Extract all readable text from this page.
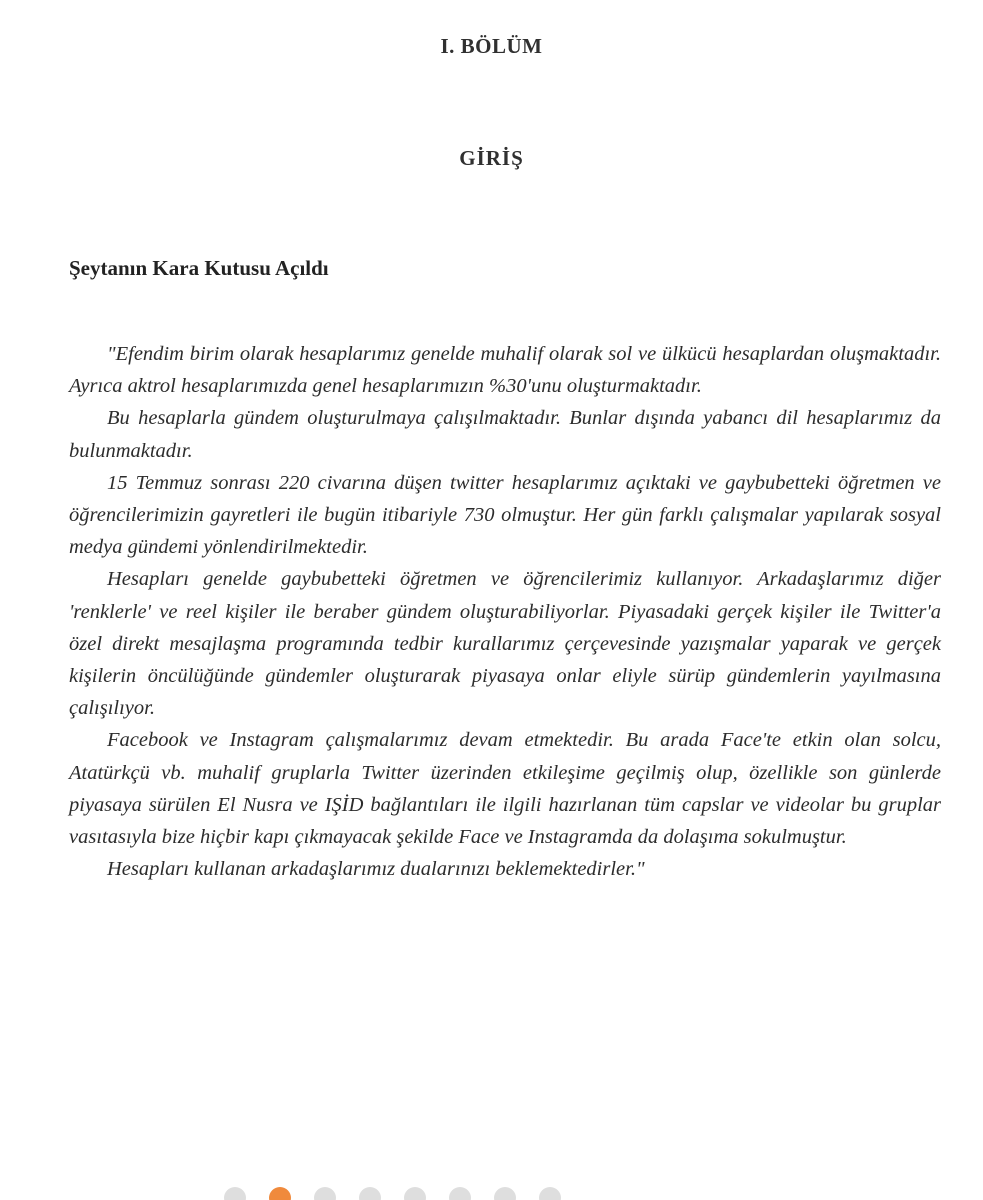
I. BÖLÜM
GİRİŞ
Şeytanın Kara Kutusu Açıldı

"Efendim birim olarak hesaplarımız genelde muhalif olarak sol ve ülkücü hesaplardan oluşmaktadır. Ayrıca aktrol hesaplarımızda genel hesaplarımızın %30'unu oluşturmaktadır.

Bu hesaplarla gündem oluşturulmaya çalışılmaktadır. Bunlar dışında yabancı dil hesaplarımız da bulunmaktadır.

15 Temmuz sonrası 220 civarına düşen twitter hesaplarımız açıktaki ve gaybubetteki öğretmen ve öğrencilerimizin gayretleri ile bugün itibariyle 730 olmuştur. Her gün farklı çalışmalar yapılarak sosyal medya gündemi yönlendirilmektedir.

Hesapları genelde gaybubetteki öğretmen ve öğrencilerimiz kullanıyor. Arkadaşlarımız diğer 'renklerle' ve reel kişiler ile beraber gündem oluşturabiliyorlar. Piyasadaki gerçek kişiler ile Twitter'a özel direkt mesajlaşma programında tedbir kurallarımız çerçevesinde yazışmalar yaparak ve gerçek kişilerin öncülüğünde gündemler oluşturarak piyasaya onlar eliyle sürüp gündemlerin yayılmasına çalışılıyor.

Facebook ve Instagram çalışmalarımız devam etmektedir. Bu arada Face'te etkin olan solcu, Atatürkçü vb. muhalif gruplarla Twitter üzerinden etkileşime geçilmiş olup, özellikle son günlerde piyasaya sürülen El Nusra ve IŞİD bağlantıları ile ilgili hazırlanan tüm capslar ve videolar bu gruplar vasıtasıyla bize hiçbir kapı çıkmayacak şekilde Face ve Instagramda da dolaşıma sokulmuştur.

Hesapları kullanan arkadaşlarımız dualarınızı beklemektedirler."
